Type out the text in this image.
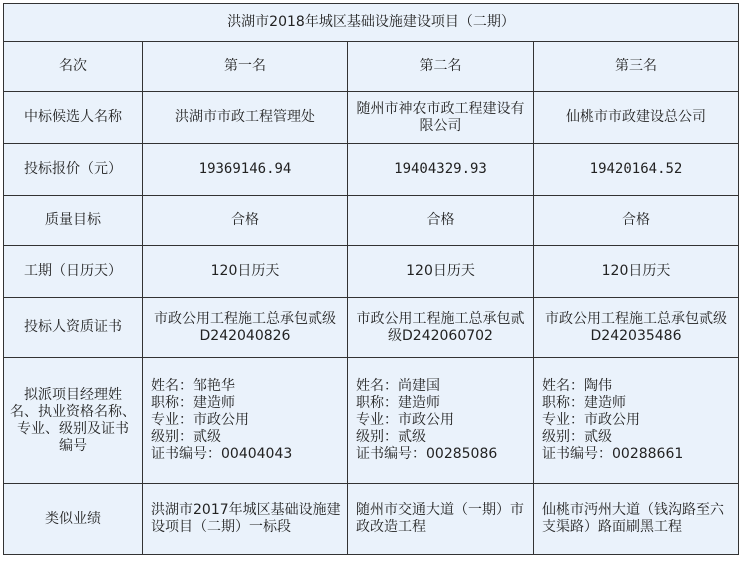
洪湖市2018年城区基础设施建设项目（二期）			
名次	第一名	第二名	第三名
中标候选人名称	洪湖市市政工程管理处	随州市神农市政工程建设有限公司	仙桃市市政建设总公司
投标报价（元）	19369146.94	19404329.93	19420164.52
质量目标	合格	合格	合格
工期（日历天）	120日历天	120日历天	120日历天
投标人资质证书	市政公用工程施工总承包贰级D242040826	市政公用工程施工总承包贰级D242060702	市政公用工程施工总承包贰级D242035486

拟派项目经理姓
名、执业资格名称、
专业、级别及证书
编号	姓名：邹艳华
职称：建造师
专业：市政公用
级别：贰级
证书编号：00404043	姓名：尚建国
职称：建造师
专业：市政公用
级别：贰级
证书编号：00285086	姓名：陶伟
职称：建造师
专业：市政公用
级别：贰级
证书编号：00288661

类似业绩	洪湖市2017年城区基础设施建设项目（二期）一标段	随州市交通大道（一期）市政改造工程	仙桃市沔州大道（钱沟路至六支渠路）路面刷黑工程
